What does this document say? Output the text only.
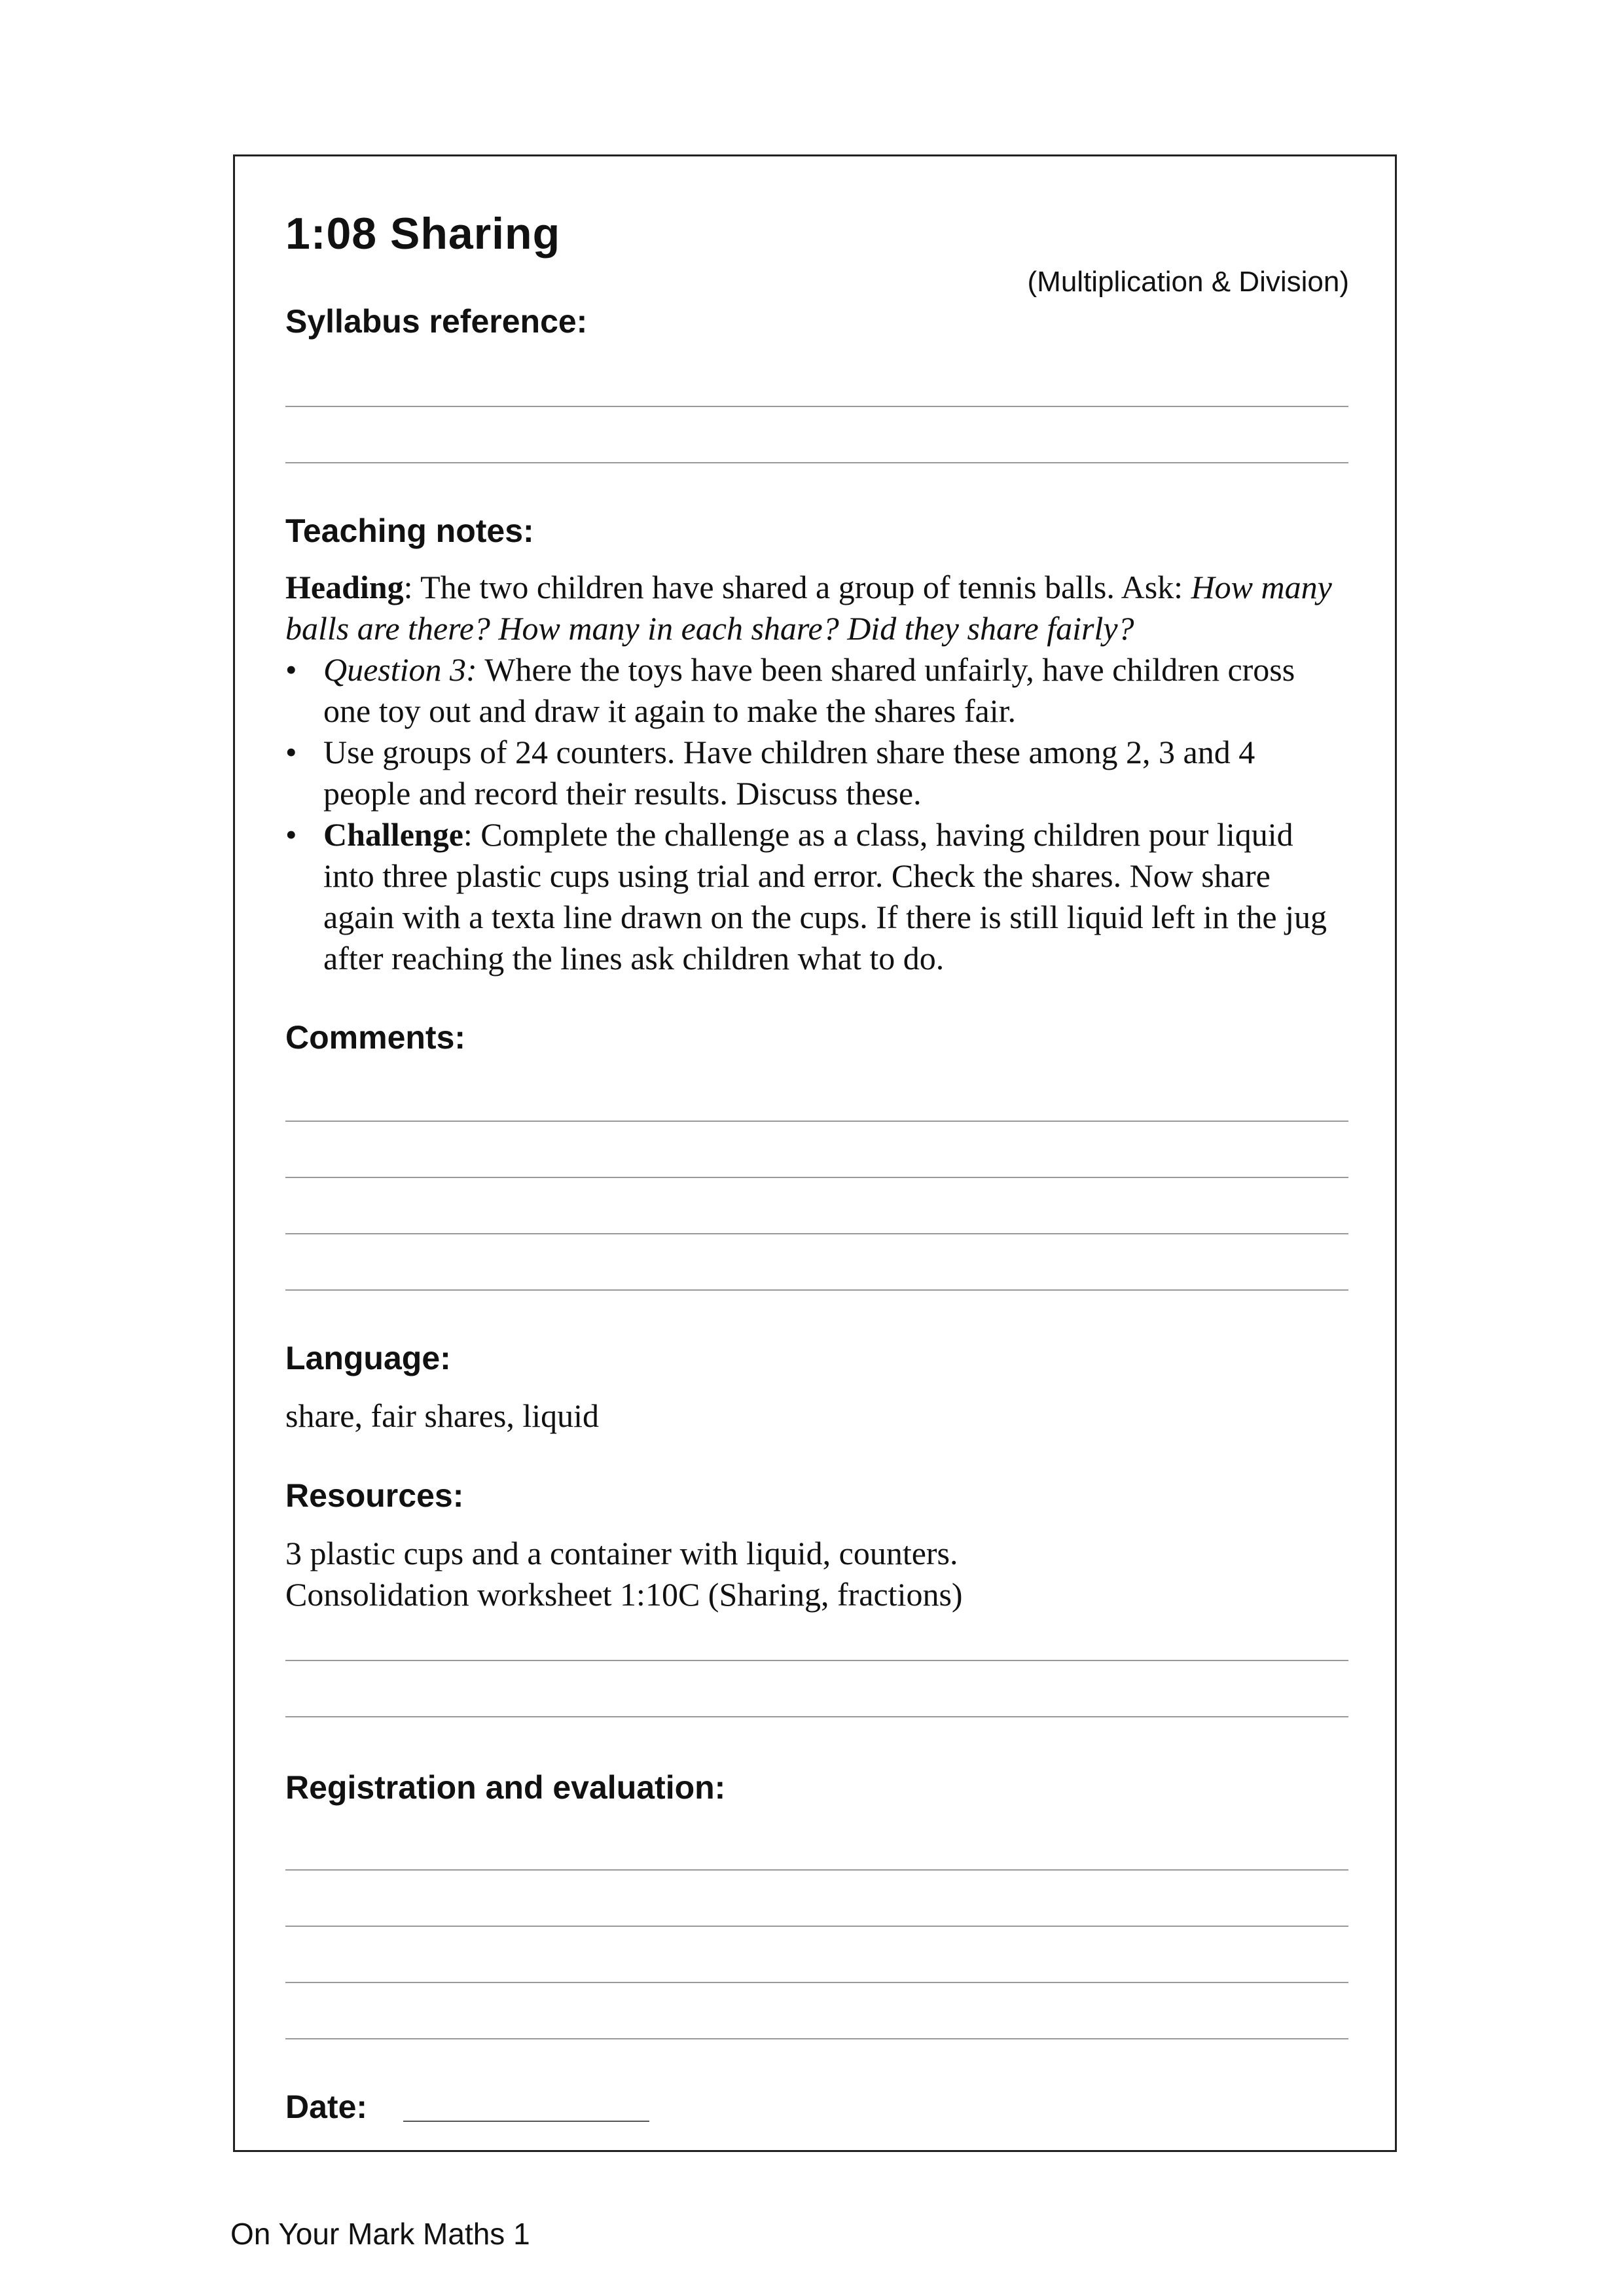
1:08 Sharing
(Multiplication & Division)
Syllabus reference:
Teaching notes:

Heading: The two children have shared a group of tennis balls. Ask: How many balls are there? How many in each share? Did they share fairly?

• Question 3: Where the toys have been shared unfairly, have children cross one toy out and draw it again to make the shares fair.
• Use groups of 24 counters. Have children share these among 2, 3 and 4 people and record their results. Discuss these.
• Challenge: Complete the challenge as a class, having children pour liquid into three plastic cups using trial and error. Check the shares. Now share again with a texta line drawn on the cups. If there is still liquid left in the jug after reaching the lines ask children what to do.
Comments:
Language:
share, fair shares, liquid
Resources:
3 plastic cups and a container with liquid, counters.
Consolidation worksheet 1:10C (Sharing, fractions)
Registration and evaluation:
Date:
On Your Mark Maths 1
